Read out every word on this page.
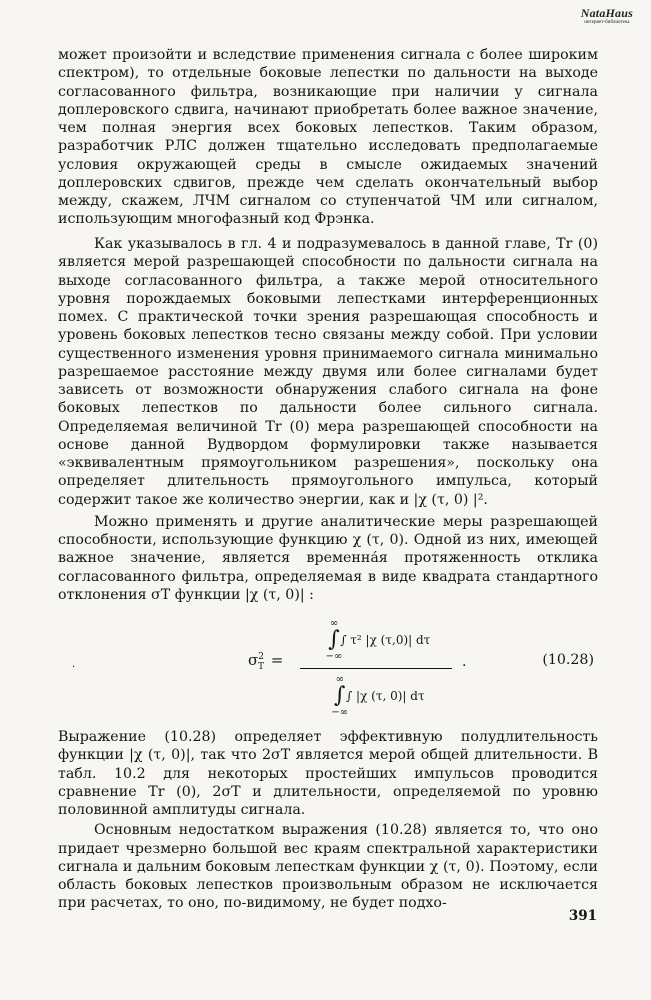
NataHaus
интернет-библиотека

может произойти и вследствие применения сигнала с более широким спектром), то отдельные боковые лепестки по дальности на выходе согласованного фильтра, возникающие при наличии у сигнала доплеровского сдвига, начинают приобретать более важное значение, чем полная энергия всех боковых лепестков. Таким образом, разработчик РЛС должен тщательно исследовать предполагаемые условия окружающей среды в смысле ожидаемых значений доплеровских сдвигов, прежде чем сделать окончательный выбор между, скажем, ЛЧМ сигналом со ступенчатой ЧМ или сигналом, использующим многофазный код Фрэнка.

Как указывалось в гл. 4 и подразумевалось в данной главе, Tr (0) является мерой разрешающей способности по дальности сигнала на выходе согласованного фильтра, а также мерой относительного уровня порождаемых боковыми лепестками интерференционных помех. С практической точки зрения разрешающая способность и уровень боковых лепестков тесно связаны между собой. При условии существенного изменения уровня принимаемого сигнала минимально разрешаемое расстояние между двумя или более сигналами будет зависеть от возможности обнаружения слабого сигнала на фоне боковых лепестков по дальности более сильного сигнала. Определяемая величиной Tr (0) мера разрешающей способности на основе данной Вудвордом формулировки также называется «эквивалентным прямоугольником разрешения», поскольку она определяет длительность прямоугольного импульса, который содержит такое же количество энергии, как и |χ (τ, 0) |².

Можно применять и другие аналитические меры разрешающей способности, использующие функцию χ (τ, 0). Одной из них, имеющей важное значение, является временна́я протяженность отклика согласованного фильтра, определяемая в виде квадрата стандартного отклонения σT функции |χ (τ, 0)| :

·	$\sigma^2_T$ =
∞
∫
−∞
∫ τ² |χ (τ,0)| dτ
∞
∫
−∞
∫ |χ (τ, 0)| dτ
.	(10.28)

Выражение (10.28) определяет эффективную полудлительность функции |χ (τ, 0)|, так что 2σT является мерой общей длительности. В табл. 10.2 для некоторых простейших импульсов проводится сравнение Tr (0), 2σT и длительности, определяемой по уровню половинной амплитуды сигнала.

Основным недостатком выражения (10.28) является то, что оно придает чрезмерно большой вес краям спектральной характеристики сигнала и дальним боковым лепесткам функции χ (τ, 0). Поэтому, если область боковых лепестков произвольным образом не исключается при расчетах, то оно, по-видимому, не будет подхо-

391
